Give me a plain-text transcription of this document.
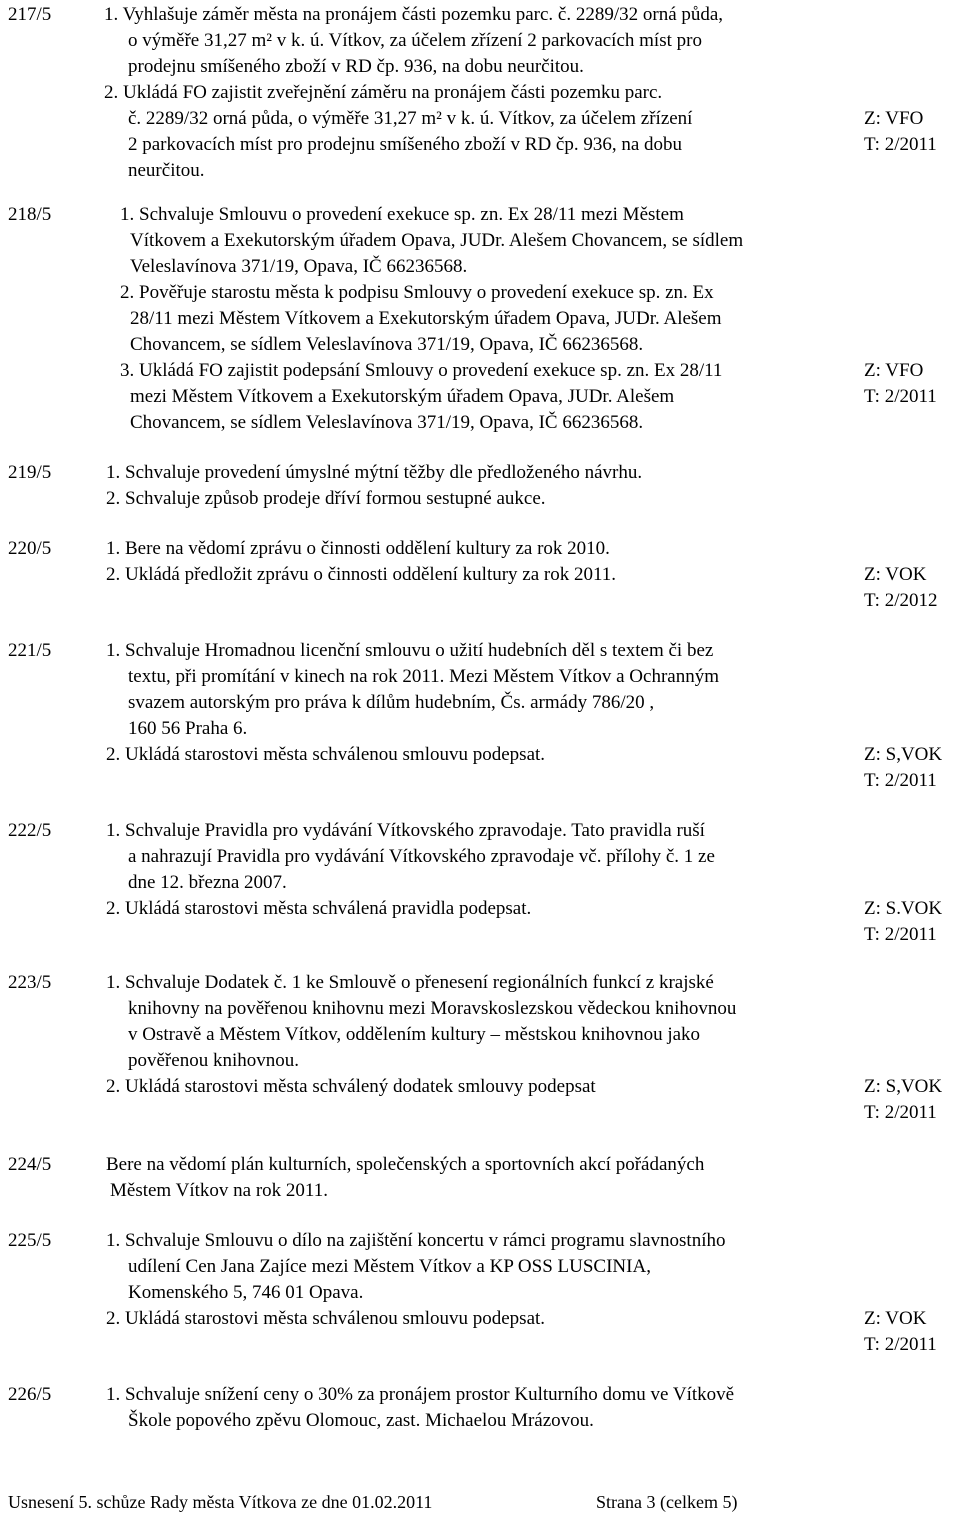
217/5	1. Vyhlašuje záměr města na pronájem části pozemku parc. č. 2289/32 orná půda,
o výměře 31,27 m² v k. ú. Vítkov, za účelem zřízení 2 parkovacích míst pro
prodejnu smíšeného zboží v RD čp. 936, na dobu neurčitou.
2. Ukládá FO zajistit zveřejnění záměru na pronájem části pozemku parc.
č. 2289/32 orná půda, o výměře 31,27 m² v k. ú. Vítkov, za účelem zřízení
2 parkovacích míst pro prodejnu smíšeného zboží v RD čp. 936, na dobu
neurčitou.
Z: VFO
T: 2/2011
218/5	1. Schvaluje Smlouvu o provedení exekuce sp. zn. Ex 28/11 mezi Městem
Vítkovem a Exekutorským úřadem Opava, JUDr. Alešem Chovancem, se sídlem
Veleslavínova 371/19, Opava, IČ 66236568.
2. Pověřuje starostu města k podpisu Smlouvy o provedení exekuce sp. zn. Ex
28/11 mezi Městem Vítkovem a Exekutorským úřadem Opava, JUDr. Alešem
Chovancem, se sídlem Veleslavínova 371/19, Opava, IČ 66236568.
3. Ukládá FO zajistit podepsání Smlouvy o provedení exekuce sp. zn. Ex 28/11
mezi Městem Vítkovem a Exekutorským úřadem Opava, JUDr. Alešem
Chovancem, se sídlem Veleslavínova 371/19, Opava, IČ 66236568.
Z: VFO
T: 2/2011
219/5	1. Schvaluje provedení úmyslné mýtní těžby dle předloženého návrhu.
2. Schvaluje způsob prodeje dříví formou sestupné aukce.
220/5	1. Bere na vědomí zprávu o činnosti oddělení kultury za rok 2010.
2. Ukládá předložit zprávu o činnosti oddělení kultury za rok 2011.	Z: VOK
T: 2/2012
221/5	1. Schvaluje Hromadnou licenční smlouvu o užití hudebních děl s textem či bez
textu, při promítání v kinech na rok 2011. Mezi Městem Vítkov a Ochranným
svazem autorským pro práva k dílům hudebním, Čs. armády 786/20 ,
160 56 Praha 6.
2. Ukládá starostovi města schválenou smlouvu podepsat.	Z: S,VOK
T: 2/2011
222/5	1. Schvaluje Pravidla pro vydávání Vítkovského zpravodaje. Tato pravidla ruší
a nahrazují Pravidla pro vydávání Vítkovského zpravodaje vč. přílohy č. 1 ze
dne 12. března 2007.
2. Ukládá starostovi města schválená pravidla podepsat.	Z: S.VOK
T: 2/2011
223/5	1. Schvaluje Dodatek č. 1 ke Smlouvě o přenesení regionálních funkcí z krajské
knihovny na pověřenou knihovnu mezi Moravskoslezskou vědeckou knihovnou
v Ostravě a Městem Vítkov, oddělením kultury – městskou knihovnou jako
pověřenou knihovnou.
2. Ukládá starostovi města schválený dodatek smlouvy podepsat	Z: S,VOK
T: 2/2011
224/5	Bere na vědomí plán kulturních, společenských a sportovních akcí pořádaných
Městem Vítkov na rok 2011.
225/5	1. Schvaluje Smlouvu o dílo na zajištění koncertu v rámci programu slavnostního
udílení Cen Jana Zajíce mezi Městem Vítkov a KP OSS LUSCINIA,
Komenského 5, 746 01 Opava.
2. Ukládá starostovi města schválenou smlouvu podepsat.	Z: VOK
T: 2/2011
226/5	1. Schvaluje snížení ceny o 30% za pronájem prostor Kulturního domu ve Vítkově
Škole popového zpěvu Olomouc, zast. Michaelou Mrázovou.
Usnesení 5. schůze Rady města Vítkova ze dne 01.02.2011	Strana 3 (celkem 5)
